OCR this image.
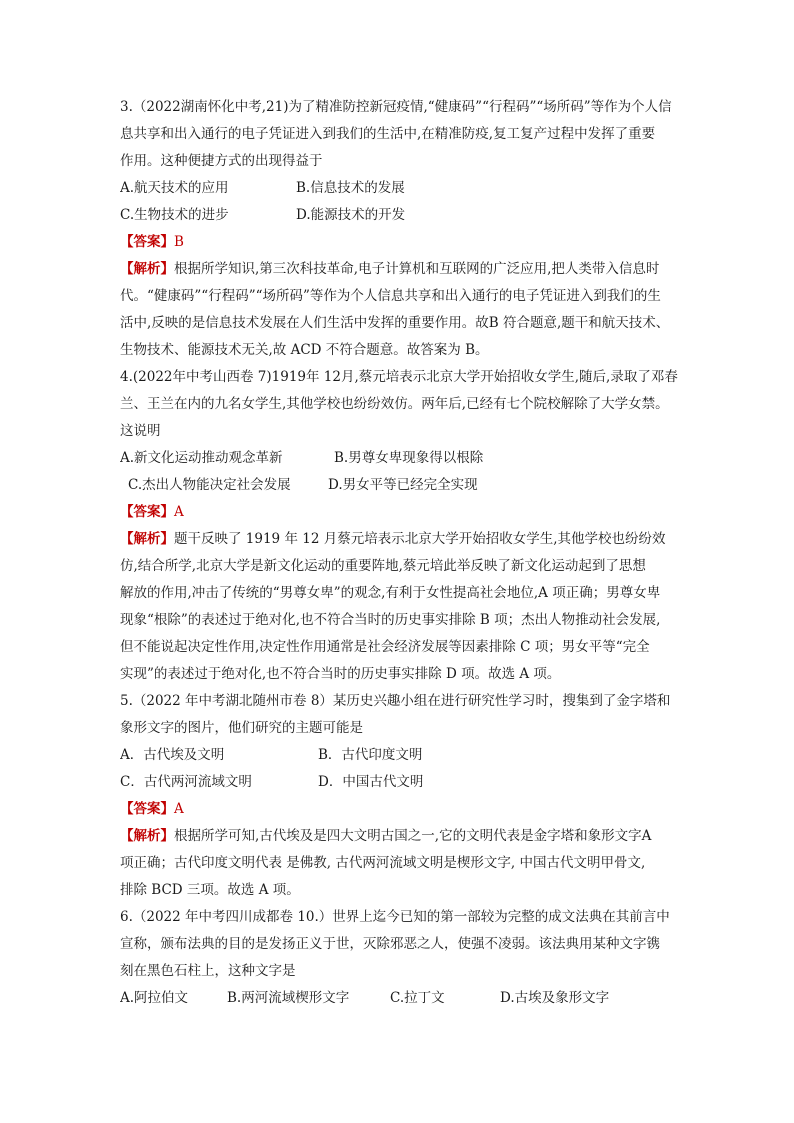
3.（2022湖南怀化中考,21)为了精准防控新冠疫情,“健康码”“行程码”“场所码”等作为个人信
息共享和出入通行的电子凭证进入到我们的生活中,在精准防疫,复工复产过程中发挥了重要
作用。这种便捷方式的出现得益于
A.航天技术的应用	B.信息技术的发展
C.生物技术的进步	D.能源技术的开发
【答案】B
【解析】根据所学知识,第三次科技革命,电子计算机和互联网的广泛应用,把人类带入信息时
代。“健康码”“行程码”“场所码”等作为个人信息共享和出入通行的电子凭证进入到我们的生
活中,反映的是信息技术发展在人们生活中发挥的重要作用。故B 符合题意,题干和航天技术、
生物技术、能源技术无关,故 ACD 不符合题意。故答案为 B。
4.(2022年中考山西卷 7)1919年 12月,蔡元培表示北京大学开始招收女学生,随后,录取了邓春
兰、王兰在内的九名女学生,其他学校也纷纷效仿。两年后,已经有七个院校解除了大学女禁。
这说明
A.新文化运动推动观念革新	B.男尊女卑现象得以根除
C.杰出人物能决定社会发展	D.男女平等已经完全实现
【答案】A
【解析】题干反映了 1919 年 12 月蔡元培表示北京大学开始招收女学生,其他学校也纷纷效
仿,结合所学,北京大学是新文化运动的重要阵地,蔡元培此举反映了新文化运动起到了思想
解放的作用,冲击了传统的“男尊女卑”的观念,有利于女性提高社会地位,A 项正确；男尊女卑
现象“根除”的表述过于绝对化,也不符合当时的历史事实排除 B 项；杰出人物推动社会发展,
但不能说起决定性作用,决定性作用通常是社会经济发展等因素排除 C 项；男女平等“完全
实现”的表述过于绝对化,也不符合当时的历史事实排除 D 项。故选 A 项。
5.（2022 年中考湖北随州市卷 8）某历史兴趣小组在进行研究性学习时，搜集到了金字塔和
象形文字的图片，他们研究的主题可能是
A．古代埃及文明	B．古代印度文明
C．古代两河流域文明	D．中国古代文明
【答案】A
【解析】根据所学可知,古代埃及是四大文明古国之一,它的文明代表是金字塔和象形文字A
项正确；古代印度文明代表 是佛教, 古代两河流域文明是楔形文字, 中国古代文明甲骨文,
排除 BCD 三项。故选 A 项。
6.（2022 年中考四川成都卷 10.）世界上迄今已知的第一部较为完整的成文法典在其前言中
宣称，颁布法典的目的是发扬正义于世，灭除邪恶之人，使强不凌弱。该法典用某种文字镌
刻在黑色石柱上，这种文字是
A.阿拉伯文	B.两河流域楔形文字	C.拉丁文	D.古埃及象形文字
